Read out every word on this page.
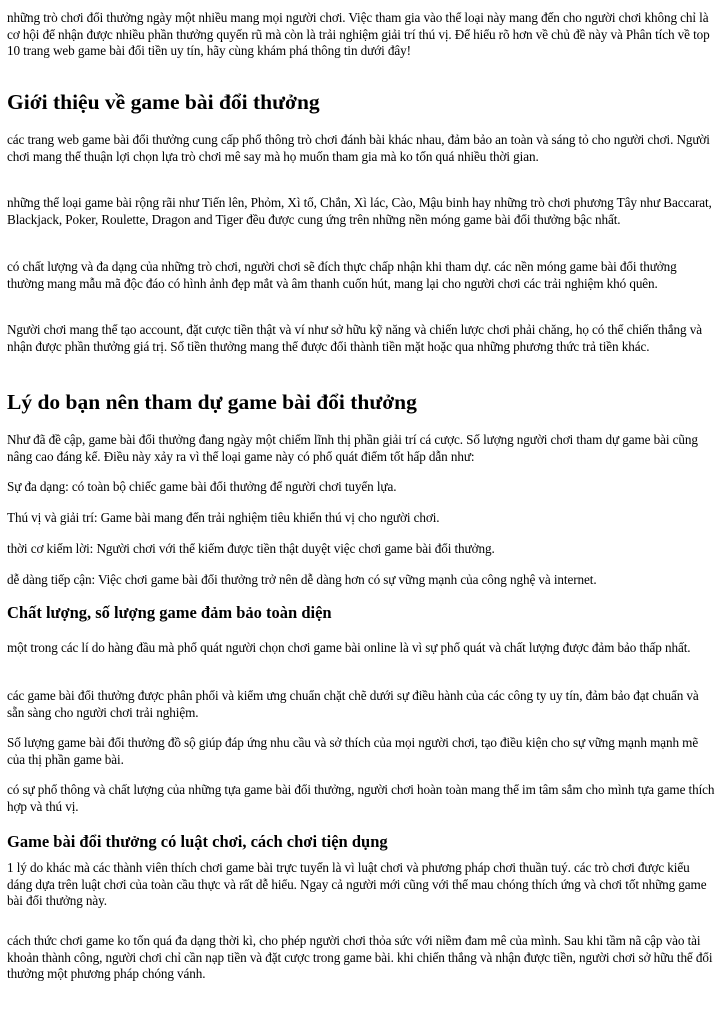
những trò chơi đổi thưởng ngày một nhiều mang mọi người chơi. Việc tham gia vào thể loại này mang đến cho người chơi không chỉ là cơ hội để nhận được nhiều phần thưởng quyến rũ mà còn là trải nghiệm giải trí thú vị. Để hiểu rõ hơn về chủ đề này và Phân tích về top 10 trang web game bài đổi tiền uy tín, hãy cùng khám phá thông tin dưới đây!

Giới thiệu về game bài đổi thưởng

các trang web game bài đổi thưởng cung cấp phổ thông trò chơi đánh bài khác nhau, đảm bảo an toàn và sáng tỏ cho người chơi. Người chơi mang thể thuận lợi chọn lựa trò chơi mê say mà họ muốn tham gia mà ko tốn quá nhiều thời gian.

những thể loại game bài rộng rãi như Tiến lên, Phỏm, Xì tố, Chắn, Xì lác, Cào, Mậu binh hay những trò chơi phương Tây như Baccarat, Blackjack, Poker, Roulette, Dragon and Tiger đều được cung ứng trên những nền móng game bài đổi thưởng bậc nhất.

có chất lượng và đa dạng của những trò chơi, người chơi sẽ đích thực chấp nhận khi tham dự. các nền móng game bài đổi thưởng thường mang mẫu mã độc đáo có hình ảnh đẹp mắt và âm thanh cuốn hút, mang lại cho người chơi các trải nghiệm khó quên.

Người chơi mang thể tạo account, đặt cược tiền thật và ví như sở hữu kỹ năng và chiến lược chơi phải chăng, họ có thể chiến thắng và nhận được phần thưởng giá trị. Số tiền thưởng mang thể được đổi thành tiền mặt hoặc qua những phương thức trả tiền khác.

Lý do bạn nên tham dự game bài đổi thưởng

Như đã đề cập, game bài đổi thưởng đang ngày một chiếm lĩnh thị phần giải trí cá cược. Số lượng người chơi tham dự game bài cũng nâng cao đáng kể. Điều này xảy ra vì thể loại game này có phổ quát điểm tốt hấp dẫn như:

Sự đa dạng: có toàn bộ chiếc game bài đổi thưởng để người chơi tuyển lựa.

Thú vị và giải trí: Game bài mang đến trải nghiệm tiêu khiển thú vị cho người chơi.

thời cơ kiếm lời: Người chơi với thể kiếm được tiền thật duyệt việc chơi game bài đổi thưởng.

dễ dàng tiếp cận: Việc chơi game bài đổi thưởng trở nên dễ dàng hơn có sự vững mạnh của công nghệ và internet.

Chất lượng, số lượng game đảm bảo toàn diện

một trong các lí do hàng đầu mà phổ quát người chọn chơi game bài online là vì sự phổ quát và chất lượng được đảm bảo thấp nhất.

các game bài đổi thưởng được phân phối và kiểm ưng chuẩn chặt chẽ dưới sự điều hành của các công ty uy tín, đảm bảo đạt chuẩn và sẵn sàng cho người chơi trải nghiệm.

Số lượng game bài đổi thưởng đồ sộ giúp đáp ứng nhu cầu và sở thích của mọi người chơi, tạo điều kiện cho sự vững mạnh mạnh mẽ của thị phần game bài.

có sự phổ thông và chất lượng của những tựa game bài đổi thưởng, người chơi hoàn toàn mang thể im tâm sắm cho mình tựa game thích hợp và thú vị.

Game bài đổi thưởng có luật chơi, cách chơi tiện dụng

1 lý do khác mà các thành viên thích chơi game bài trực tuyến là vì luật chơi và phương pháp chơi thuần tuý. các trò chơi được kiểu dáng dựa trên luật chơi của toàn cầu thực và rất dễ hiểu. Ngay cả người mới cũng với thể mau chóng thích ứng và chơi tốt những game bài đổi thưởng này.

cách thức chơi game ko tốn quá đa dạng thời kì, cho phép người chơi thỏa sức với niềm đam mê của mình. Sau khi tầm nã cập vào tài khoản thành công, người chơi chỉ cần nạp tiền và đặt cược trong game bài. khi chiến thắng và nhận được tiền, người chơi sở hữu thể đổi thưởng một phương pháp chóng vánh.
